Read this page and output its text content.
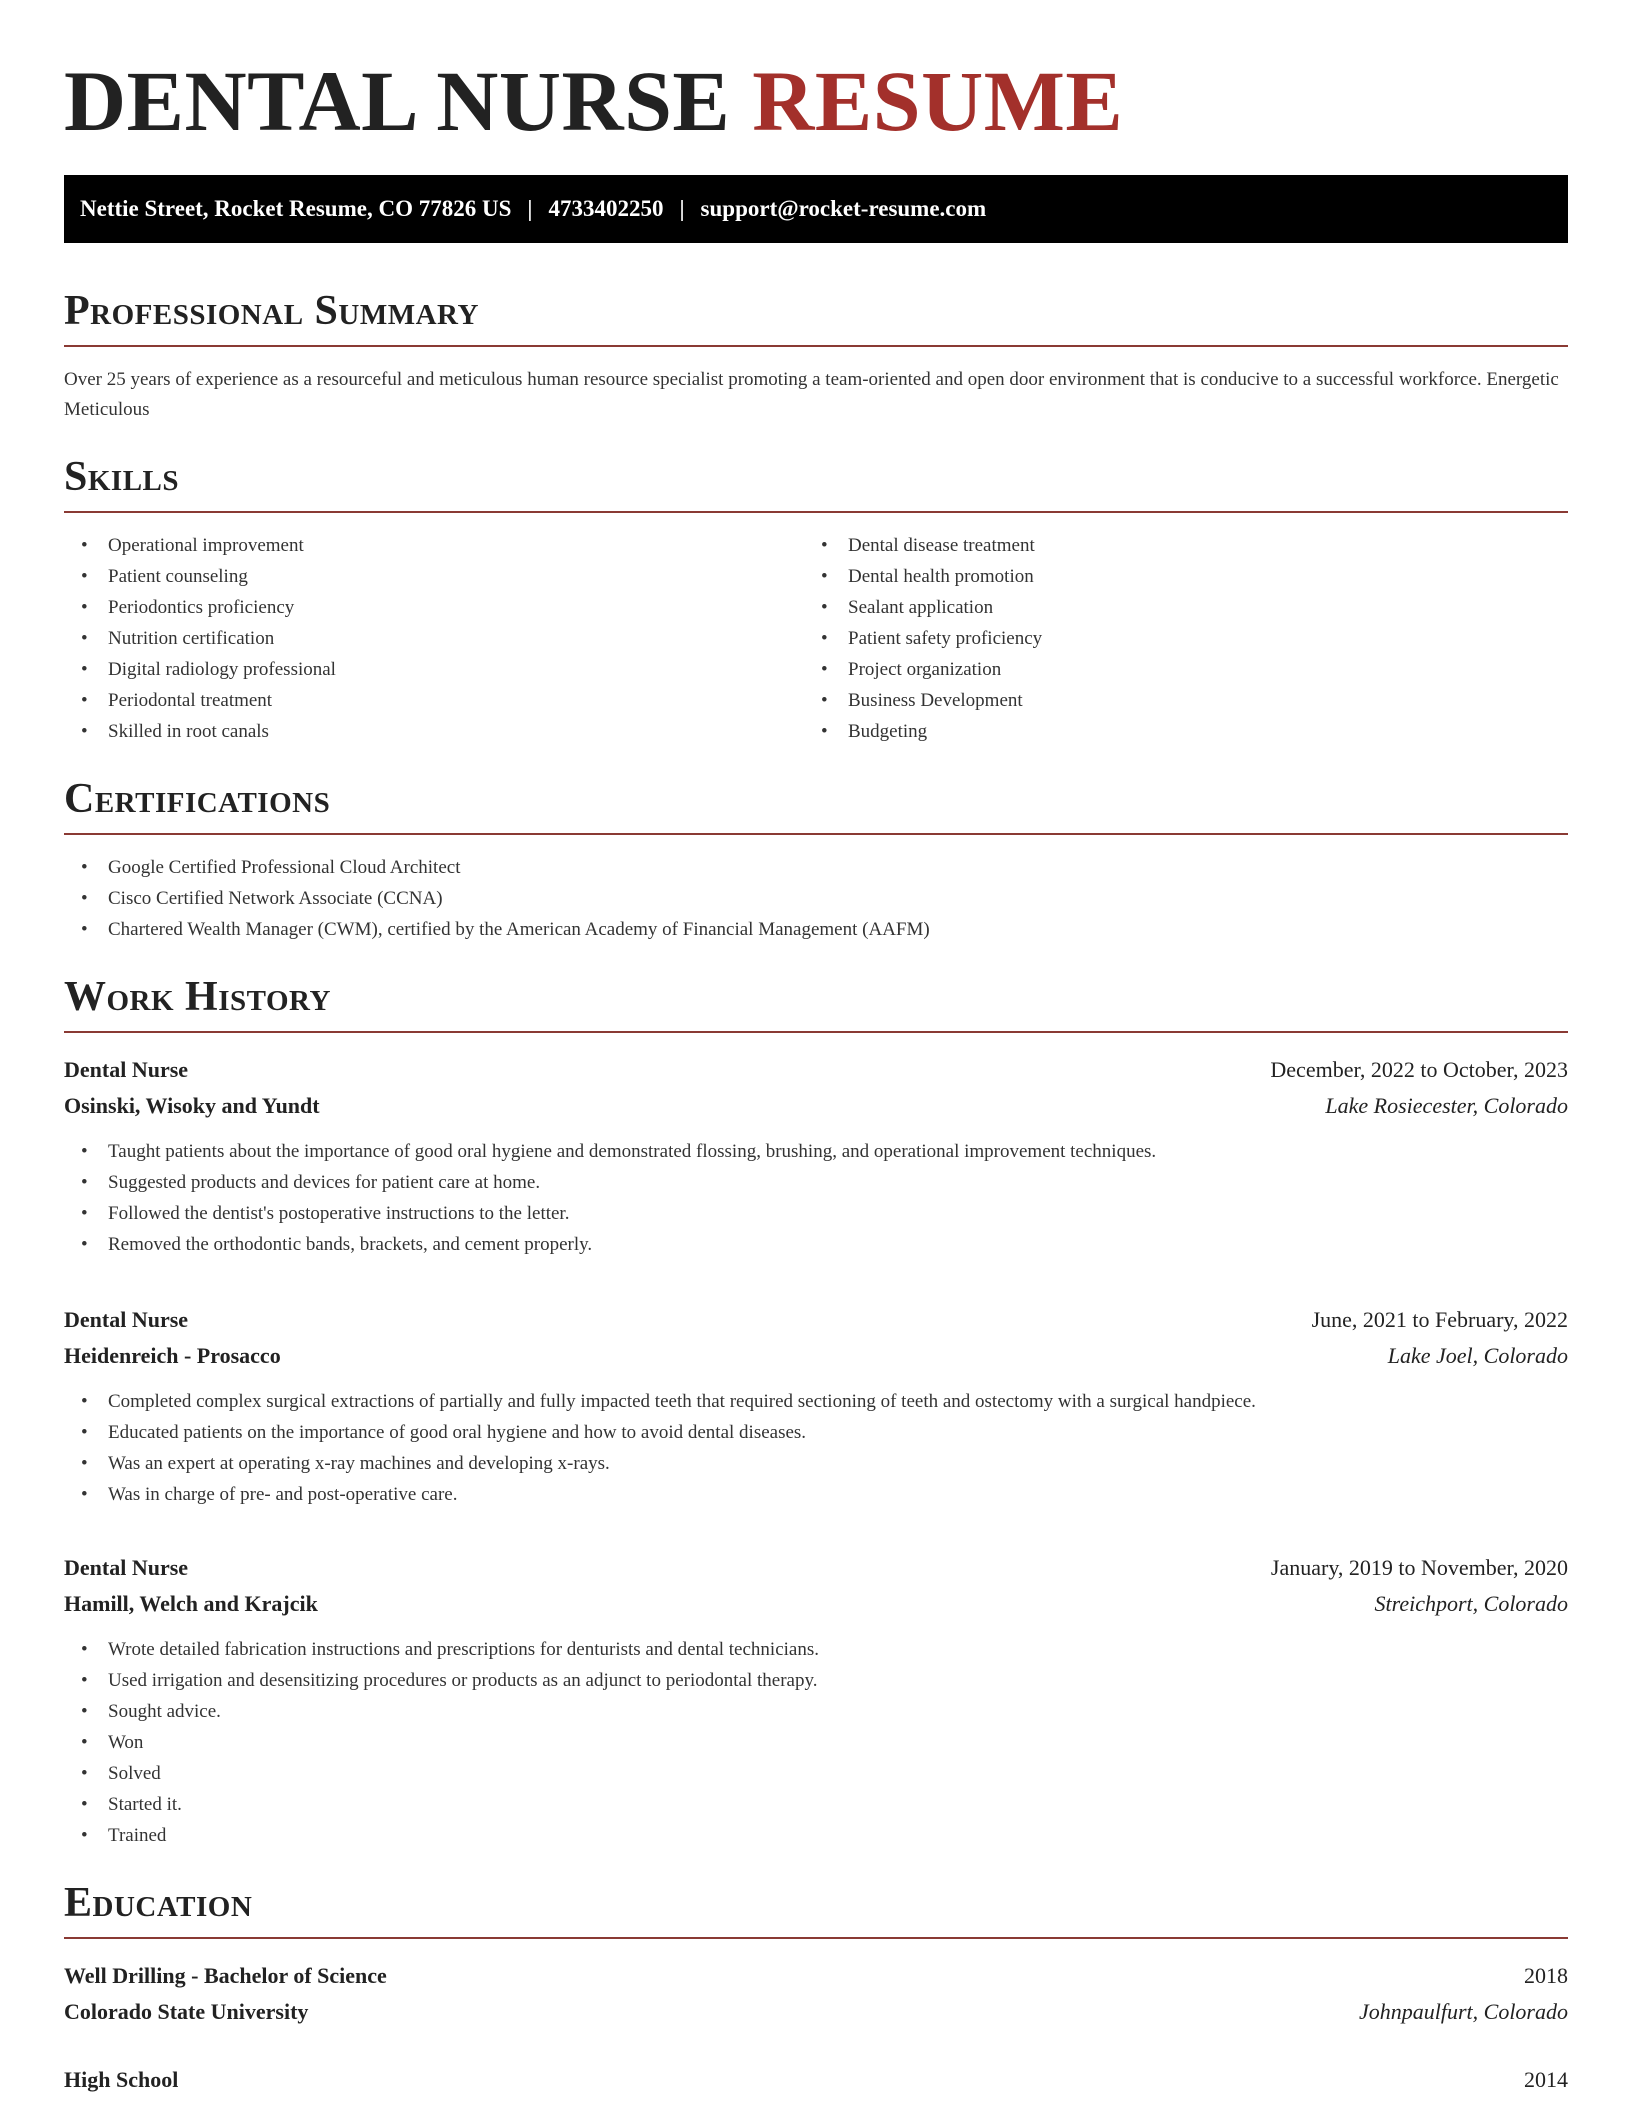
DENTAL NURSE RESUME
Nettie Street, Rocket Resume, CO 77826 US | 4733402250 | support@rocket-resume.com
Professional Summary

Over 25 years of experience as a resourceful and meticulous human resource specialist promoting a team-oriented and open door environment that is conducive to a successful workforce. Energetic Meticulous

Skills
• Operational improvement
• Patient counseling
• Periodontics proficiency
• Nutrition certification
• Digital radiology professional
• Periodontal treatment
• Skilled in root canals
• Dental disease treatment
• Dental health promotion
• Sealant application
• Patient safety proficiency
• Project organization
• Business Development
• Budgeting
Certifications
• Google Certified Professional Cloud Architect
• Cisco Certified Network Associate (CCNA)
• Chartered Wealth Manager (CWM), certified by the American Academy of Financial Management (AAFM)
Work History
Dental Nurse	December, 2022 to October, 2023
Osinski, Wisoky and Yundt	Lake Rosiecester, Colorado
• Taught patients about the importance of good oral hygiene and demonstrated flossing, brushing, and operational improvement techniques.
• Suggested products and devices for patient care at home.
• Followed the dentist's postoperative instructions to the letter.
• Removed the orthodontic bands, brackets, and cement properly.
Dental Nurse	June, 2021 to February, 2022
Heidenreich - Prosacco	Lake Joel, Colorado
• Completed complex surgical extractions of partially and fully impacted teeth that required sectioning of teeth and ostectomy with a surgical handpiece.
• Educated patients on the importance of good oral hygiene and how to avoid dental diseases.
• Was an expert at operating x-ray machines and developing x-rays.
• Was in charge of pre- and post-operative care.
Dental Nurse	January, 2019 to November, 2020
Hamill, Welch and Krajcik	Streichport, Colorado
• Wrote detailed fabrication instructions and prescriptions for denturists and dental technicians.
• Used irrigation and desensitizing procedures or products as an adjunct to periodontal therapy.
• Sought advice.
• Won
• Solved
• Started it.
• Trained
Education
Well Drilling - Bachelor of Science	2018
Colorado State University	Johnpaulfurt, Colorado
High School	2014
